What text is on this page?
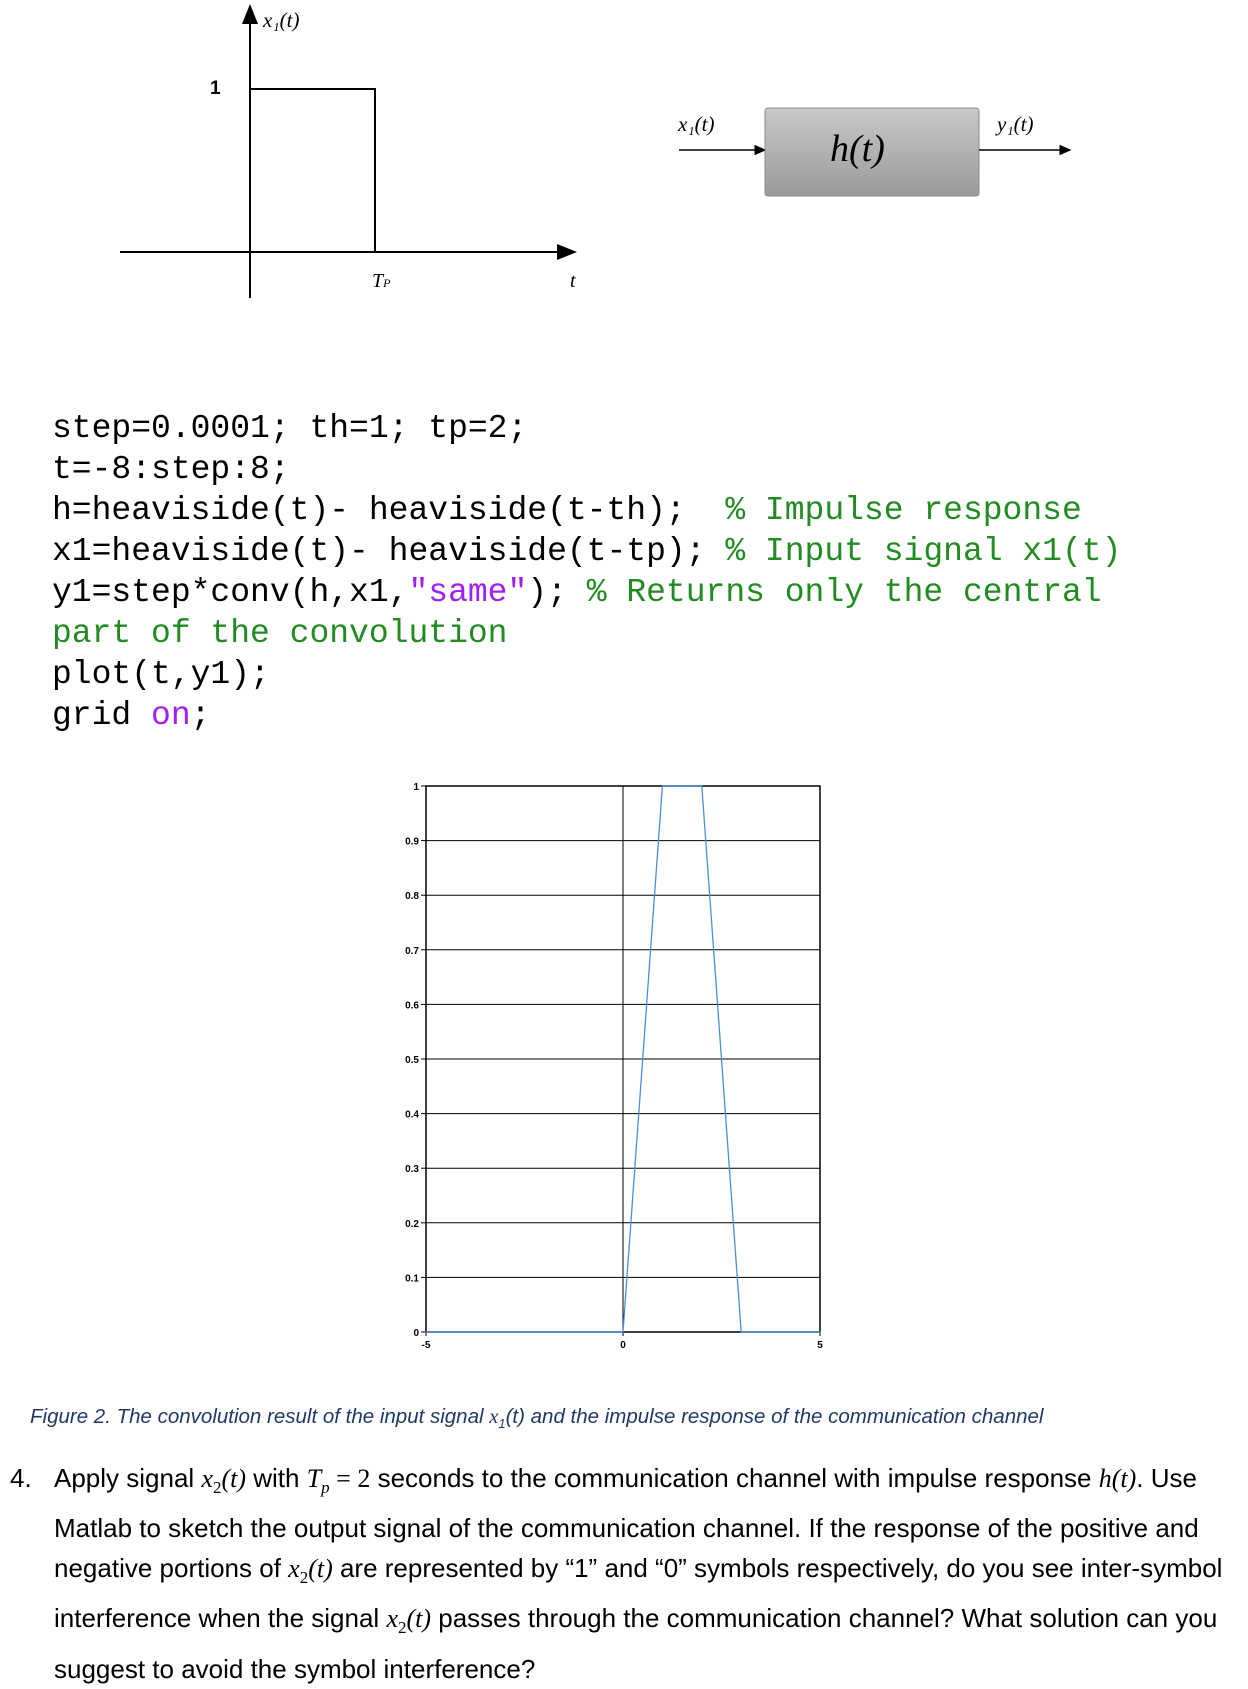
x₁(t)
1
TP	t
x₁(t)
h(t)
y₁(t)
step=0.0001; th=1; tp=2;
t=-8:step:8;
h=heaviside(t)- heaviside(t-th);  % Impulse response
x1=heaviside(t)- heaviside(t-tp); % Input signal x1(t)
y1=step*conv(h,x1,"same"); % Returns only the central
part of the convolution
plot(t,y1);
grid on;
0
0.1
0.2
0.3
0.4
0.5
0.6
0.7
0.8
0.9
1
-5	0	5
Figure 2. The convolution result of the input signal $x_1(t)$ and the impulse response of the communication channel
4. Apply signal $x_2(t)$ with $T_p = 2$ seconds to the communication channel with impulse response h(t). Use Matlab to sketch the output signal of the communication channel. If the response of the positive and negative portions of $x_2(t)$ are represented by “1” and “0” symbols respectively, do you see inter-symbol interference when the signal $x_2(t)$ passes through the communication channel? What solution can you suggest to avoid the symbol interference?
